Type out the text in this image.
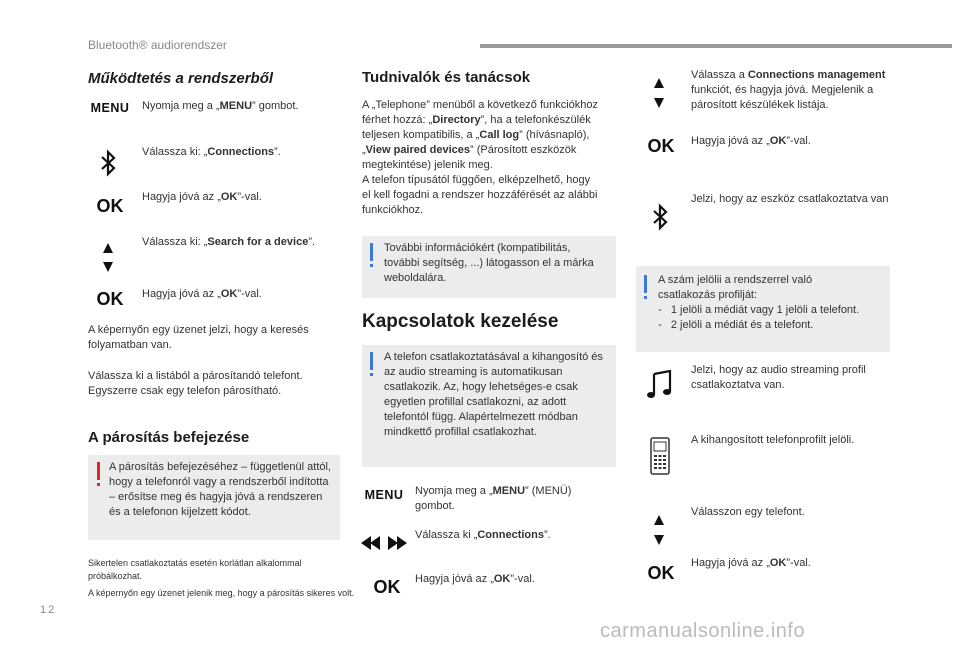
Bluetooth® audiorendszer
Működtetés a rendszerből
MENU Nyomja meg a „MENU” gombot.
Válassza ki: „Connections”.
OK	Hagyja jóvá az „OK”-val.
Válassza ki: „Search for a device”.
OK	Hagyja jóvá az „OK”-val.
A képernyőn egy üzenet jelzi, hogy a keresés folyamatban van.
Válassza ki a listából a párosítandó telefont. Egyszerre csak egy telefon párosítható.
A párosítás befejezése
A párosítás befejezéséhez – függetlenül attól, hogy a telefonról vagy a rendszerből indította – erősítse meg és hagyja jóvá a rendszeren és a telefonon kijelzett kódot.
Sikertelen csatlakoztatás esetén korlátlan alkalommal próbálkozhat.
A képernyőn egy üzenet jelenik meg, hogy a párosítás sikeres volt.
Tudnivalók és tanácsok
A „Telephone” menüből a következő funkciókhoz
férhet hozzá: „Directory”, ha a telefonkészülék
teljesen kompatibilis, a „Call log” (hívásnapló),
„View paired devices” (Párosított eszközök
megtekintése) jelenik meg.
A telefon típusától függően, elképzelhető, hogy
el kell fogadni a rendszer hozzáférését az alábbi
funkciókhoz.
További információkért (kompatibilitás, további segítség, ...) látogasson el a márka weboldalára.
Kapcsolatok kezelése
A telefon csatlakoztatásával a kihangosító és az audio streaming is automatikusan csatlakozik. Az, hogy lehetséges-e csak egyetlen profillal csatlakozni, az adott telefontól függ. Alapértelmezett módban mindkettő profillal csatlakozhat.
MENU Nyomja meg a „MENU” (MENÜ)
gombot.
Válassza ki „Connections”.
OK	Hagyja jóvá az „OK”-val.
Válassza a Connections management funkciót, és hagyja jóvá. Megjelenik a párosított készülékek listája.
OK	Hagyja jóvá az „OK”-val.
Jelzi, hogy az eszköz csatlakoztatva van
A szám jelölii a rendszerrel való
csatlakozás profilját:
-   1 jelöli a médiát vagy 1 jelöli a telefont.
-   2 jelöli a médiát és a telefont.
Jelzi, hogy az audio streaming profil csatlakoztatva van.
A kihangosított telefonprofilt jelöli.
Válasszon egy telefont.
OK	Hagyja jóvá az „OK”-val.
12
carmanualsonline.info
